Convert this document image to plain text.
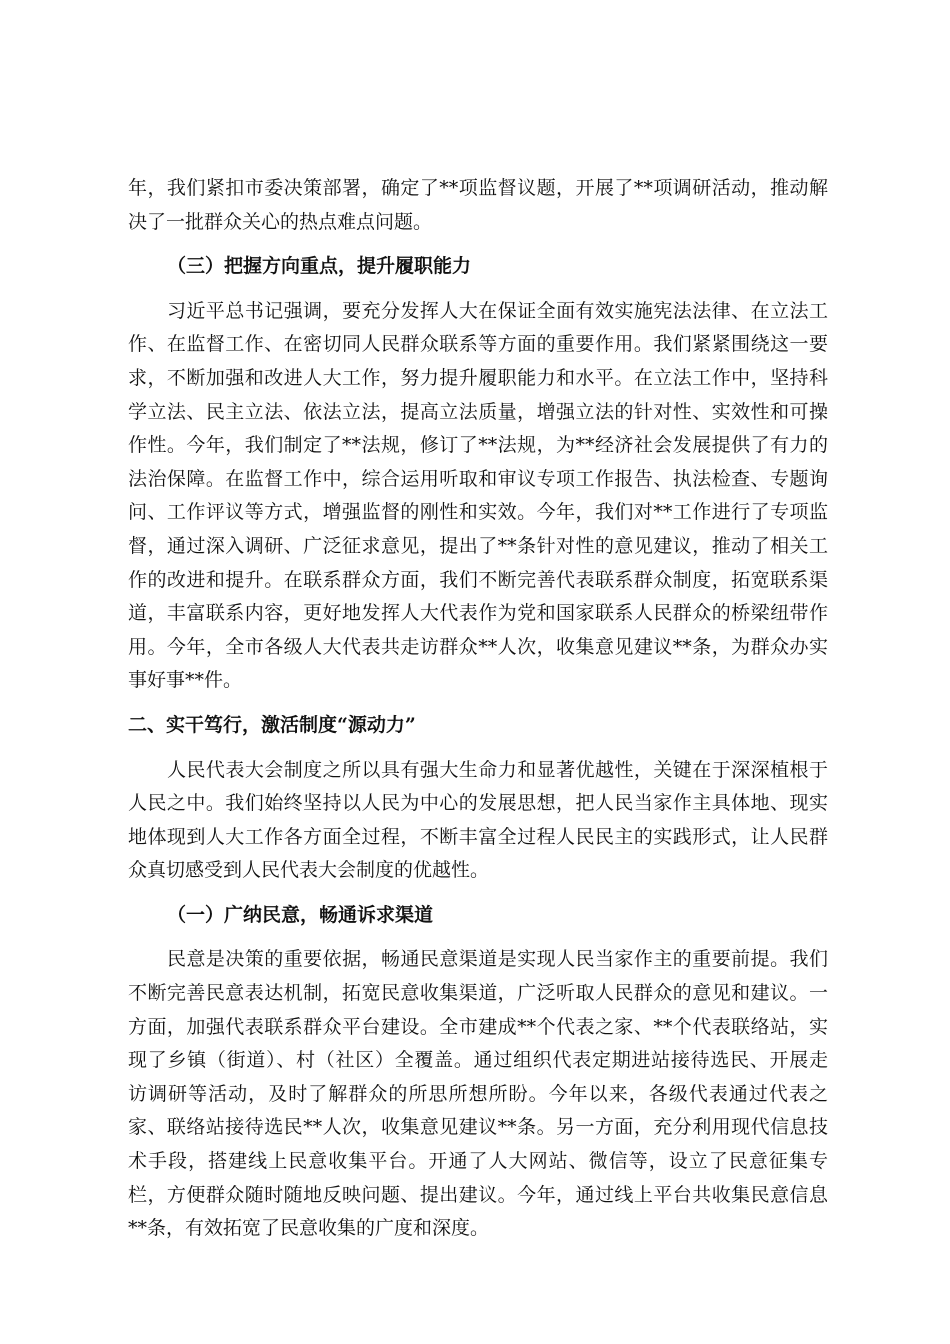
年，我们紧扣市委决策部署，确定了**项监督议题，开展了**项调研活动，推动解
决了一批群众关心的热点难点问题。
（三）把握方向重点，提升履职能力
习近平总书记强调，要充分发挥人大在保证全面有效实施宪法法律、在立法工
作、在监督工作、在密切同人民群众联系等方面的重要作用。我们紧紧围绕这一要
求，不断加强和改进人大工作，努力提升履职能力和水平。在立法工作中，坚持科
学立法、民主立法、依法立法，提高立法质量，增强立法的针对性、实效性和可操
作性。今年，我们制定了**法规，修订了**法规，为**经济社会发展提供了有力的
法治保障。在监督工作中，综合运用听取和审议专项工作报告、执法检查、专题询
问、工作评议等方式，增强监督的刚性和实效。今年，我们对**工作进行了专项监
督，通过深入调研、广泛征求意见，提出了**条针对性的意见建议，推动了相关工
作的改进和提升。在联系群众方面，我们不断完善代表联系群众制度，拓宽联系渠
道，丰富联系内容，更好地发挥人大代表作为党和国家联系人民群众的桥梁纽带作
用。今年，全市各级人大代表共走访群众**人次，收集意见建议**条，为群众办实
事好事**件。
二、实干笃行，激活制度“源动力”
人民代表大会制度之所以具有强大生命力和显著优越性，关键在于深深植根于
人民之中。我们始终坚持以人民为中心的发展思想，把人民当家作主具体地、现实
地体现到人大工作各方面全过程，不断丰富全过程人民民主的实践形式，让人民群
众真切感受到人民代表大会制度的优越性。
（一）广纳民意，畅通诉求渠道
民意是决策的重要依据，畅通民意渠道是实现人民当家作主的重要前提。我们
不断完善民意表达机制，拓宽民意收集渠道，广泛听取人民群众的意见和建议。一
方面，加强代表联系群众平台建设。全市建成**个代表之家、**个代表联络站，实
现了乡镇（街道）、村（社区）全覆盖。通过组织代表定期进站接待选民、开展走
访调研等活动，及时了解群众的所思所想所盼。今年以来，各级代表通过代表之
家、联络站接待选民**人次，收集意见建议**条。另一方面，充分利用现代信息技
术手段，搭建线上民意收集平台。开通了人大网站、微信等，设立了民意征集专
栏，方便群众随时随地反映问题、提出建议。今年，通过线上平台共收集民意信息
**条，有效拓宽了民意收集的广度和深度。
